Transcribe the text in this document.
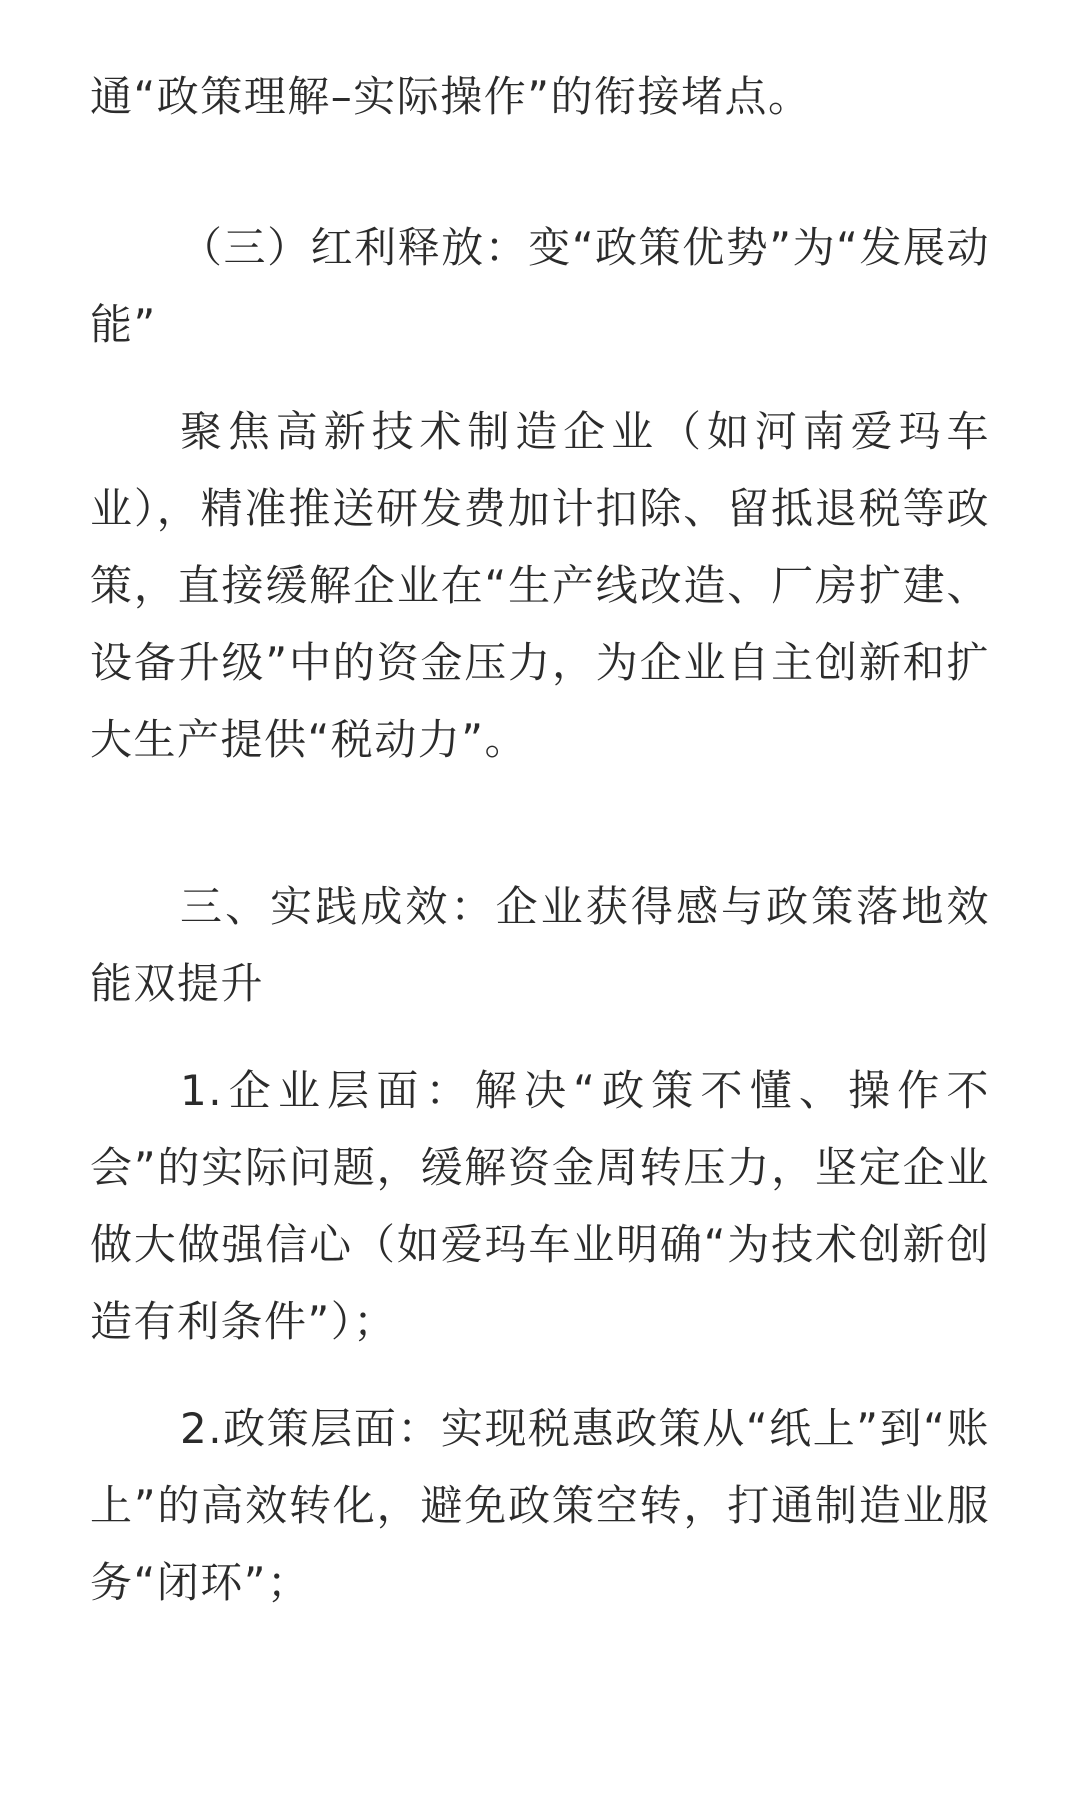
通“政策理解–实际操作”的衔接堵点。

（三）红利释放：变“政策优势”为“发展动能”

聚焦高新技术制造企业（如河南爱玛车业），精准推送研发费加计扣除、留抵退税等政策，直接缓解企业在“生产线改造、厂房扩建、设备升级”中的资金压力，为企业自主创新和扩大生产提供“税动力”。

三、实践成效：企业获得感与政策落地效能双提升

1.企业层面：解决“政策不懂、操作不会”的实际问题，缓解资金周转压力，坚定企业做大做强信心（如爱玛车业明确“为技术创新创造有利条件”）；

2.政策层面：实现税惠政策从“纸上”到“账上”的高效转化，避免政策空转，打通制造业服务“闭环”；
